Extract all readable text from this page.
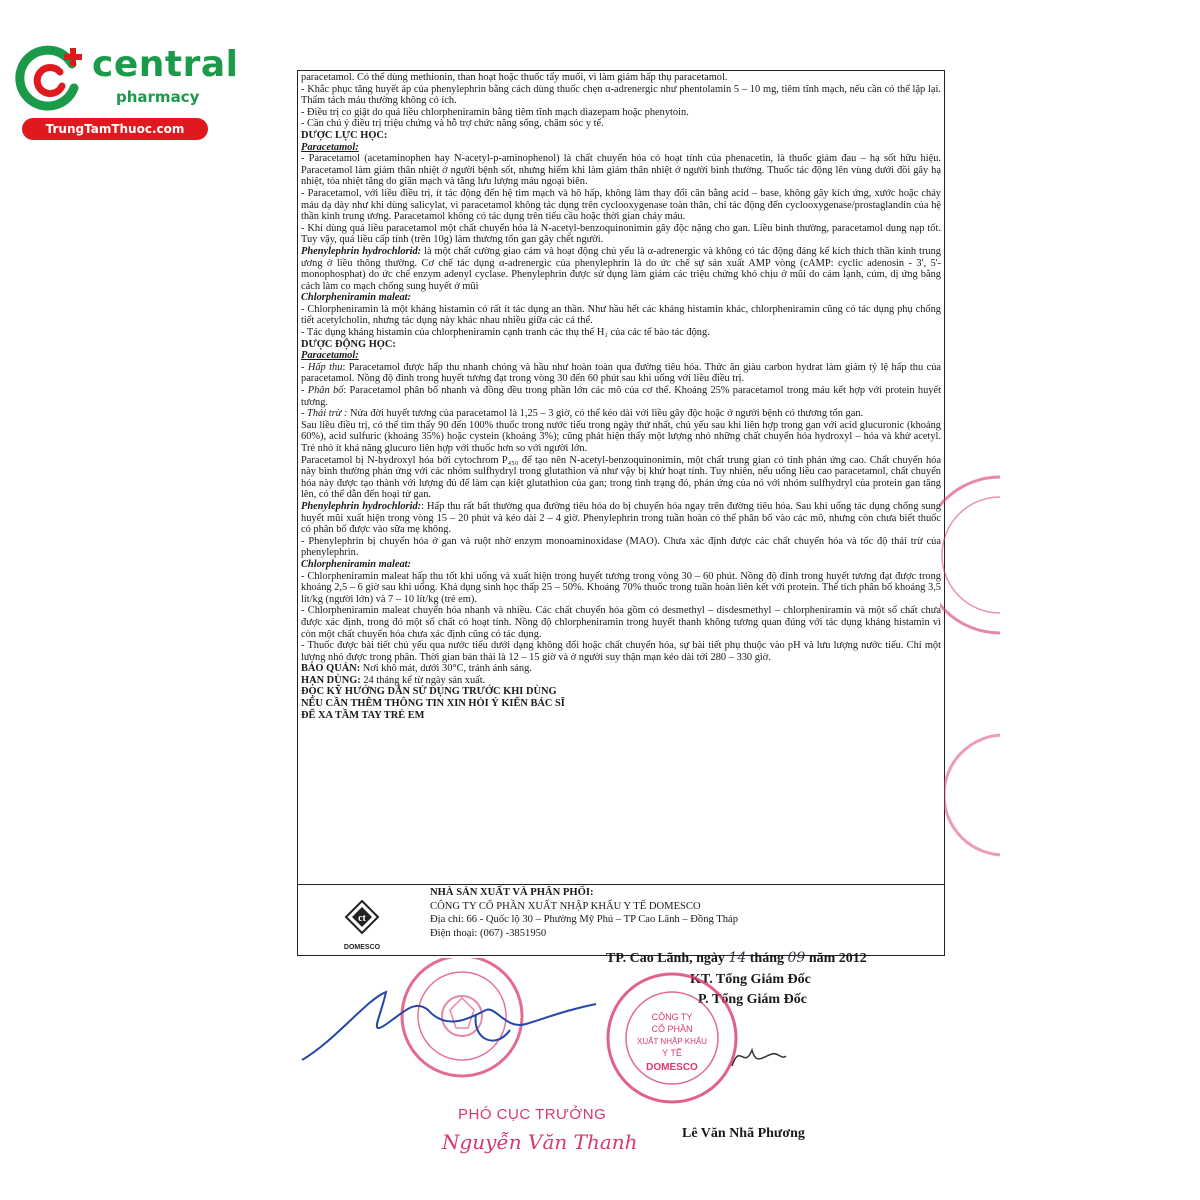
central
pharmacy
TrungTamThuoc.com

paracetamol. Có thể dùng methionin, than hoạt hoặc thuốc tẩy muối, vì làm giảm hấp thụ paracetamol.

- Khắc phục tăng huyết áp của phenylephrin bằng cách dùng thuốc chẹn α-adrenergic như phentolamin 5 – 10 mg, tiêm tĩnh mạch, nếu cần có thể lặp lại. Thẩm tách máu thường không có ích.

- Điều trị co giật do quá liều chlorpheniramin bằng tiêm tĩnh mạch diazepam hoặc phenytoin.

- Cần chú ý điều trị triệu chứng và hỗ trợ chức năng sống, chăm sóc y tế.

DƯỢC LỰC HỌC:

Paracetamol:

- Paracetamol (acetaminophen hay N-acetyl-p-aminophenol) là chất chuyển hóa có hoạt tính của phenacetin, là thuốc giảm đau – hạ sốt hữu hiệu. Paracetamol làm giảm thân nhiệt ở người bệnh sốt, nhưng hiếm khi làm giảm thân nhiệt ở người bình thường. Thuốc tác động lên vùng dưới đồi gây hạ nhiệt, tỏa nhiệt tăng do giãn mạch và tăng lưu lượng máu ngoại biên.

- Paracetamol, với liều điều trị, ít tác động đến hệ tim mạch và hô hấp, không làm thay đổi cân bằng acid – base, không gây kích ứng, xước hoặc chảy máu dạ dày như khi dùng salicylat, vì paracetamol không tác dụng trên cyclooxygenase toàn thân, chỉ tác động đến cyclooxygenase/prostaglandin của hệ thần kinh trung ương. Paracetamol không có tác dụng trên tiểu cầu hoặc thời gian chảy máu.

- Khi dùng quá liều paracetamol một chất chuyển hóa là N-acetyl-benzoquinonimin gây độc nặng cho gan. Liều bình thường, paracetamol dung nạp tốt. Tuy vậy, quá liều cấp tính (trên 10g) làm thương tổn gan gây chết người.

Phenylephrin hydrochlorid: là một chất cường giao cảm và hoạt động chủ yếu là α-adrenergic và không có tác động đáng kể kích thích thần kinh trung ương ở liều thông thường. Cơ chế tác dụng α-adrenergic của phenylephrin là do ức chế sự sản xuất AMP vòng (cAMP: cyclic adenosin - 3', 5'-monophosphat) do ức chế enzym adenyl cyclase. Phenylephrin được sử dụng làm giảm các triệu chứng khó chịu ở mũi do cảm lạnh, cúm, dị ứng bằng cách làm co mạch chống sung huyết ở mũi

Chlorpheniramin maleat:

- Chlorpheniramin là một kháng histamin có rất ít tác dụng an thần. Như hầu hết các kháng histamin khác, chlorpheniramin cũng có tác dụng phụ chống tiết acetylcholin, nhưng tác dụng này khác nhau nhiều giữa các cá thể.

- Tác dụng kháng histamin của chlorpheniramin cạnh tranh các thụ thể H₁ của các tế bào tác động.

DƯỢC ĐỘNG HỌC:

Paracetamol:

- Hấp thu: Paracetamol được hấp thu nhanh chóng và hầu như hoàn toàn qua đường tiêu hóa. Thức ăn giàu carbon hydrat làm giảm tỷ lệ hấp thu của paracetamol. Nồng độ đỉnh trong huyết tương đạt trong vòng 30 đến 60 phút sau khi uống với liều điều trị.

- Phân bố: Paracetamol phân bố nhanh và đồng đều trong phần lớn các mô của cơ thể. Khoảng 25% paracetamol trong máu kết hợp với protein huyết tương.

- Thải trừ : Nửa đời huyết tương của paracetamol là 1,25 – 3 giờ, có thể kéo dài với liều gây độc hoặc ở người bệnh có thương tổn gan.

Sau liều điều trị, có thể tìm thấy 90 đến 100% thuốc trong nước tiểu trong ngày thứ nhất, chủ yếu sau khi liên hợp trong gan với acid glucuronic (khoảng 60%), acid sulfuric (khoảng 35%) hoặc cystein (khoảng 3%); cũng phát hiện thấy một lượng nhỏ những chất chuyển hóa hydroxyl – hóa và khử acetyl. Trẻ nhỏ ít khả năng glucuro liên hợp với thuốc hơn so với người lớn.

Paracetamol bị N-hydroxyl hóa bởi cytochrom P₄₅₀ để tạo nên N-acetyl-benzoquinonimin, một chất trung gian có tính phản ứng cao. Chất chuyển hóa này bình thường phản ứng với các nhóm sulfhydryl trong glutathion và như vậy bị khử hoạt tính. Tuy nhiên, nếu uống liều cao paracetamol, chất chuyển hóa này được tạo thành với lượng đủ để làm cạn kiệt glutathion của gan; trong tình trạng đó, phản ứng của nó với nhóm sulfhydryl của protein gan tăng lên, có thể dẫn đến hoại tử gan.

Phenylephrin hydrochlorid:: Hấp thu rất bất thường qua đường tiêu hóa do bị chuyển hóa ngay trên đường tiêu hóa. Sau khi uống tác dụng chống sung huyết mũi xuất hiện trong vòng 15 – 20 phút và kéo dài 2 – 4 giờ. Phenylephrin trong tuần hoàn có thể phân bố vào các mô, nhưng còn chưa biết thuốc có phân bố được vào sữa mẹ không.

- Phenylephrin bị chuyển hóa ở gan và ruột nhờ enzym monoaminoxidase (MAO). Chưa xác định được các chất chuyển hóa và tốc độ thải trừ của phenylephrin.

Chlorpheniramin maleat:

- Chlorpheniramin maleat hấp thu tốt khi uống và xuất hiện trong huyết tương trong vòng 30 – 60 phút. Nồng độ đỉnh trong huyết tương đạt được trong khoảng 2,5 – 6 giờ sau khi uống. Khả dụng sinh học thấp 25 – 50%. Khoảng 70% thuốc trong tuần hoàn liên kết với protein. Thể tích phân bố khoảng 3,5 lít/kg (người lớn) và 7 – 10 lít/kg (trẻ em).

- Chlorpheniramin maleat chuyển hóa nhanh và nhiều. Các chất chuyển hóa gồm có desmethyl – disdesmethyl – chlorpheniramin và một số chất chưa được xác định, trong đó một số chất có hoạt tính. Nồng độ chlorpheniramin trong huyết thanh không tương quan đúng với tác dụng kháng histamin vì còn một chất chuyển hóa chưa xác định cũng có tác dụng.

- Thuốc được bài tiết chủ yếu qua nước tiểu dưới dạng không đổi hoặc chất chuyển hóa, sự bài tiết phụ thuộc vào pH và lưu lượng nước tiểu. Chỉ một lượng nhỏ được trong phân. Thời gian bán thải là 12 – 15 giờ và ở người suy thận mạn kéo dài tới 280 – 330 giờ.

BẢO QUẢN: Nơi khô mát, dưới 30°C, tránh ánh sáng.

HẠN DÙNG: 24 tháng kể từ ngày sản xuất.

ĐỌC KỸ HƯỚNG DẪN SỬ DỤNG TRƯỚC KHI DÙNG

NẾU CẦN THÊM THÔNG TIN XIN HỎI Ý KIẾN BÁC SĨ

ĐỂ XA TẦM TAY TRẺ EM

ct
DOMESCO
NHÀ SẢN XUẤT VÀ PHÂN PHỐI:
CÔNG TY CỔ PHẦN XUẤT NHẬP KHẨU Y TẾ DOMESCO
Địa chỉ: 66 - Quốc lộ 30 – Phường Mỹ Phú – TP Cao Lãnh – Đồng Tháp
Điện thoại: (067) -3851950
TP. Cao Lãnh, ngày 14 tháng 09 năm 2012
KT. Tổng Giám Đốc
P. Tổng Giám Đốc
CÔNG TY
CỔ PHẦN
XUẤT NHẬP KHẨU
Y TẾ
DOMESCO
PHÓ CỤC TRƯỞNG
Nguyễn Văn Thanh	Lê Văn Nhã Phương
